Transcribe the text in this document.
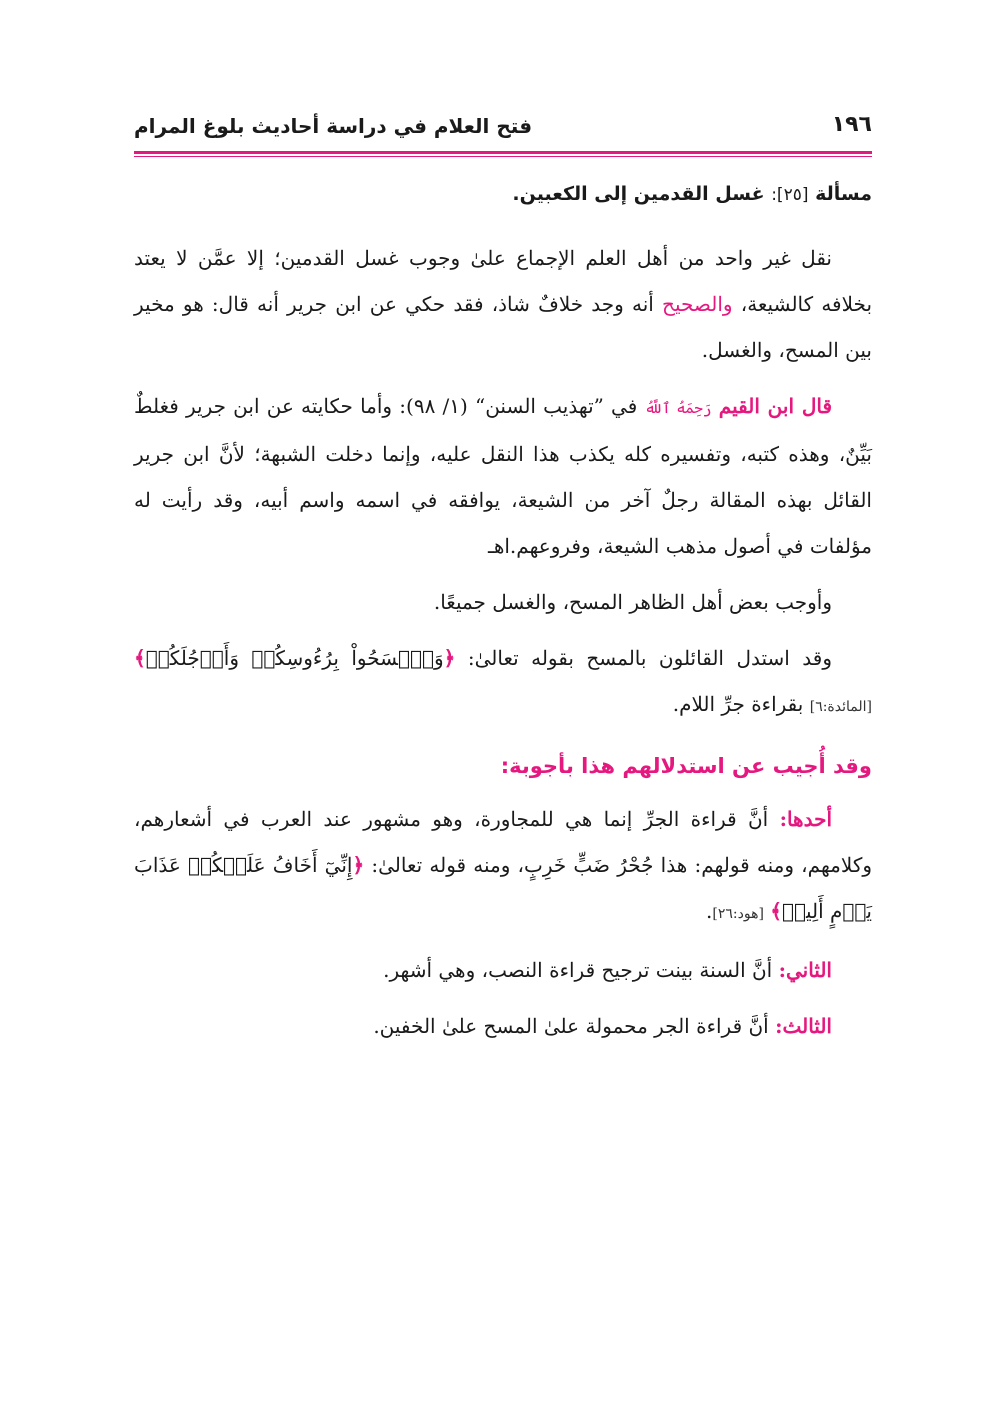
١٩٦
فتح العلام في دراسة أحاديث بلوغ المرام
مسألة [٢٥]: غسل القدمين إلى الكعبين.

نقل غير واحد من أهل العلم الإجماع علىٰ وجوب غسل القدمين؛ إلا عمَّن لا يعتد بخلافه كالشيعة، والصحيح أنه وجد خلافٌ شاذ، فقد حكي عن ابن جرير أنه قال: هو مخير بين المسح، والغسل.

قال ابن القيم رَحِمَهُ ٱللَّهُ في ”تهذيب السنن“ (١/ ٩٨): وأما حكايته عن ابن جرير فغلطٌ بَيِّنٌ، وهذه كتبه، وتفسيره كله يكذب هذا النقل عليه، وإنما دخلت الشبهة؛ لأنَّ ابن جرير القائل بهذه المقالة رجلٌ آخر من الشيعة، يوافقه في اسمه واسم أبيه، وقد رأيت له مؤلفات في أصول مذهب الشيعة، وفروعهم.اهـ

وأوجب بعض أهل الظاهر المسح، والغسل جميعًا.

وقد استدل القائلون بالمسح بقوله تعالىٰ: ﴿وَٱمۡسَحُواْ بِرُءُوسِكُمۡ وَأَرۡجُلَكُمۡ﴾ [المائدة:٦] بقراءة جرِّ اللام.

وقد أُجيب عن استدلالهم هذا بأجوبة:

أحدها: أنَّ قراءة الجرِّ إنما هي للمجاورة، وهو مشهور عند العرب في أشعارهم، وكلامهم، ومنه قولهم: هذا جُحْرُ ضَبٍّ خَرِبٍ، ومنه قوله تعالىٰ: ﴿إِنِّيٓ أَخَافُ عَلَيۡكُمۡ عَذَابَ يَوۡمٍ أَلِيمٖ﴾ [هود:٢٦].

الثاني: أنَّ السنة بينت ترجيح قراءة النصب، وهي أشهر.

الثالث: أنَّ قراءة الجر محمولة علىٰ المسح علىٰ الخفين.
